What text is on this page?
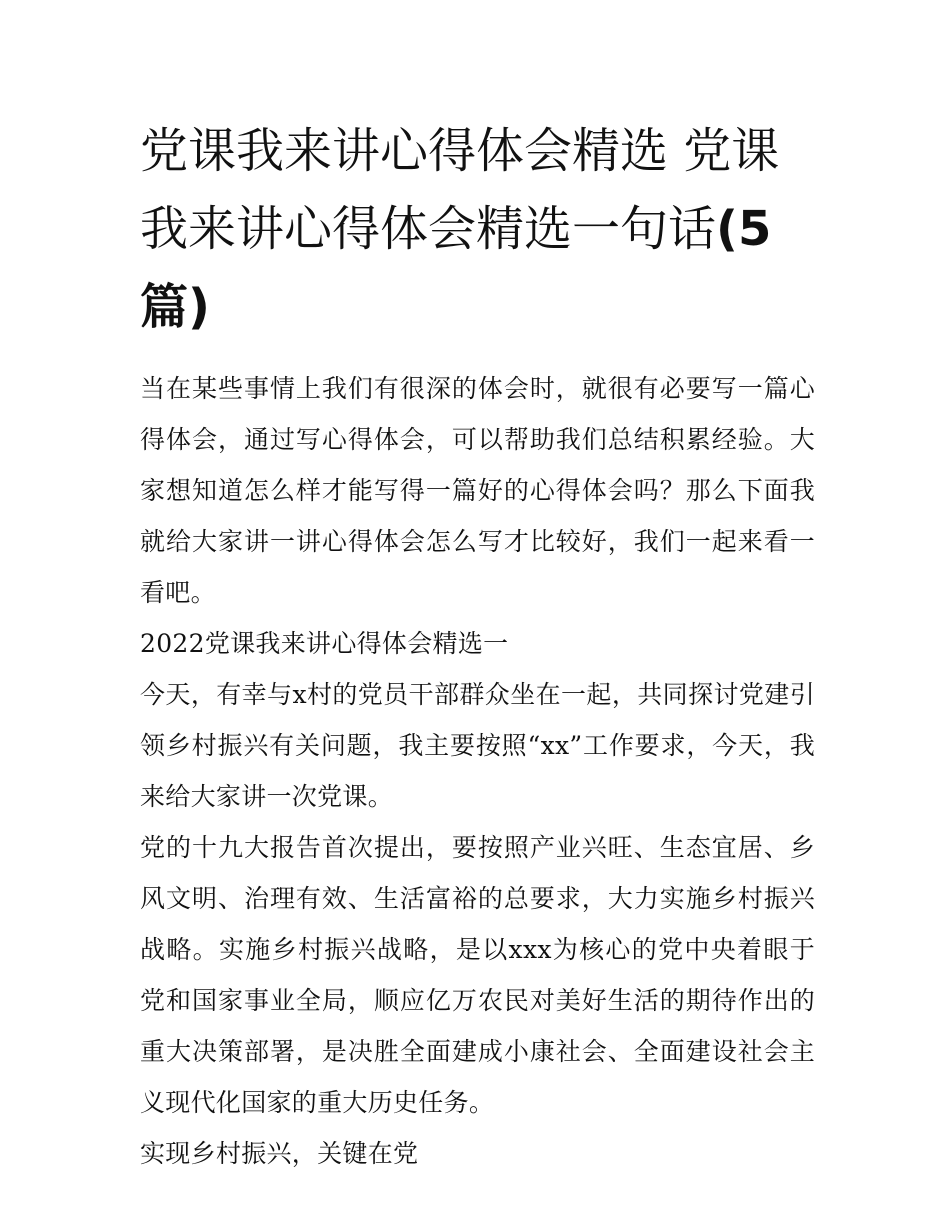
党课我来讲心得体会精选 党课我来讲心得体会精选一句话(5篇)

当在某些事情上我们有很深的体会时，就很有必要写一篇心得体会，通过写心得体会，可以帮助我们总结积累经验。大家想知道怎么样才能写得一篇好的心得体会吗？那么下面我就给大家讲一讲心得体会怎么写才比较好，我们一起来看一看吧。

2022党课我来讲心得体会精选一

今天，有幸与x村的党员干部群众坐在一起，共同探讨党建引领乡村振兴有关问题，我主要按照“xx”工作要求，今天，我来给大家讲一次党课。

党的十九大报告首次提出，要按照产业兴旺、生态宜居、乡风文明、治理有效、生活富裕的总要求，大力实施乡村振兴战略。实施乡村振兴战略，是以xxx为核心的党中央着眼于党和国家事业全局，顺应亿万农民对美好生活的期待作出的重大决策部署，是决胜全面建成小康社会、全面建设社会主义现代化国家的重大历史任务。

实现乡村振兴，关键在党
